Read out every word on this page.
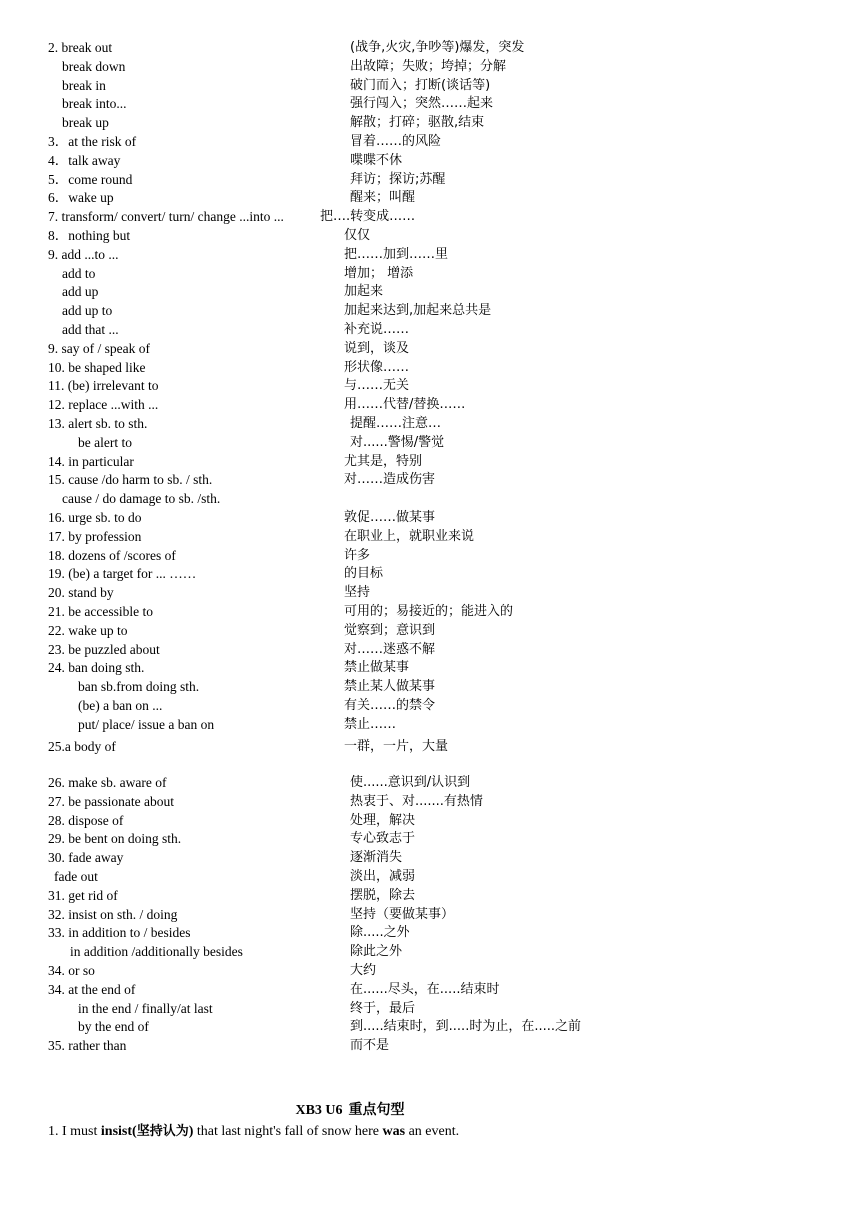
2. break out	(战争,火灾,争吵等)爆发，突发
break down	出故障；失败；垮掉；分解
break in	破门而入；打断(谈话等)
break into...	强行闯入；突然……起来
break up	解散；打碎；驱散,结束
3．at the risk of	冒着……的风险
4．talk away	喋喋不休
5．come round	拜访；探访;苏醒
6．wake up	醒来；叫醒
7. transform/ convert/ turn/ change ...into ...	把….转变成……
8．nothing but	仅仅
9. add ...to ...	把……加到……里
add to	增加； 增添
add up	加起来
add up to	加起来达到,加起来总共是
add that ...	补充说……
9. say of / speak of	说到，谈及
10. be shaped like	形状像……
11. (be) irrelevant to	与……无关
12. replace ...with ...	用……代替/替换……
13. alert sb. to sth.	提醒……注意…
be alert to	对......警惕/警觉
14. in particular	尤其是，特别
15. cause /do harm to sb. / sth.	对……造成伤害
cause / do damage to sb. /sth.
16. urge sb. to do	敦促……做某事
17. by profession	在职业上，就职业来说
18. dozens of /scores of	许多
19. (be) a target for ... ……	的目标
20. stand by	坚持
21. be accessible to	可用的；易接近的；能进入的
22. wake up to	觉察到；意识到
23. be puzzled about	对……迷惑不解
24. ban doing sth.	禁止做某事
ban sb.from doing sth.	禁止某人做某事
(be) a ban on ...	有关……的禁令
put/ place/ issue a ban on	禁止……
25.a body of	一群，一片，大量
26. make sb. aware of	使......意识到/认识到
27. be passionate about	热衷于、对.......有热情
28. dispose of	处理，解决
29. be bent on doing sth.	专心致志于
30. fade away	逐渐消失
fade out	淡出，减弱
31. get rid of	摆脱，除去
32. insist on sth. / doing	坚持（要做某事）
33. in addition to / besides	除.....之外
in addition /additionally besides	除此之外
34. or so	大约
34. at the end of	在......尽头，在.....结束时
in the end / finally/at last	终于，最后
by the end of	到.....结束时，到.....时为止，在.....之前
35. rather than	而不是
XB3 U6 重点句型
1. I must insist(坚持认为) that last night's fall of snow here was an event.
